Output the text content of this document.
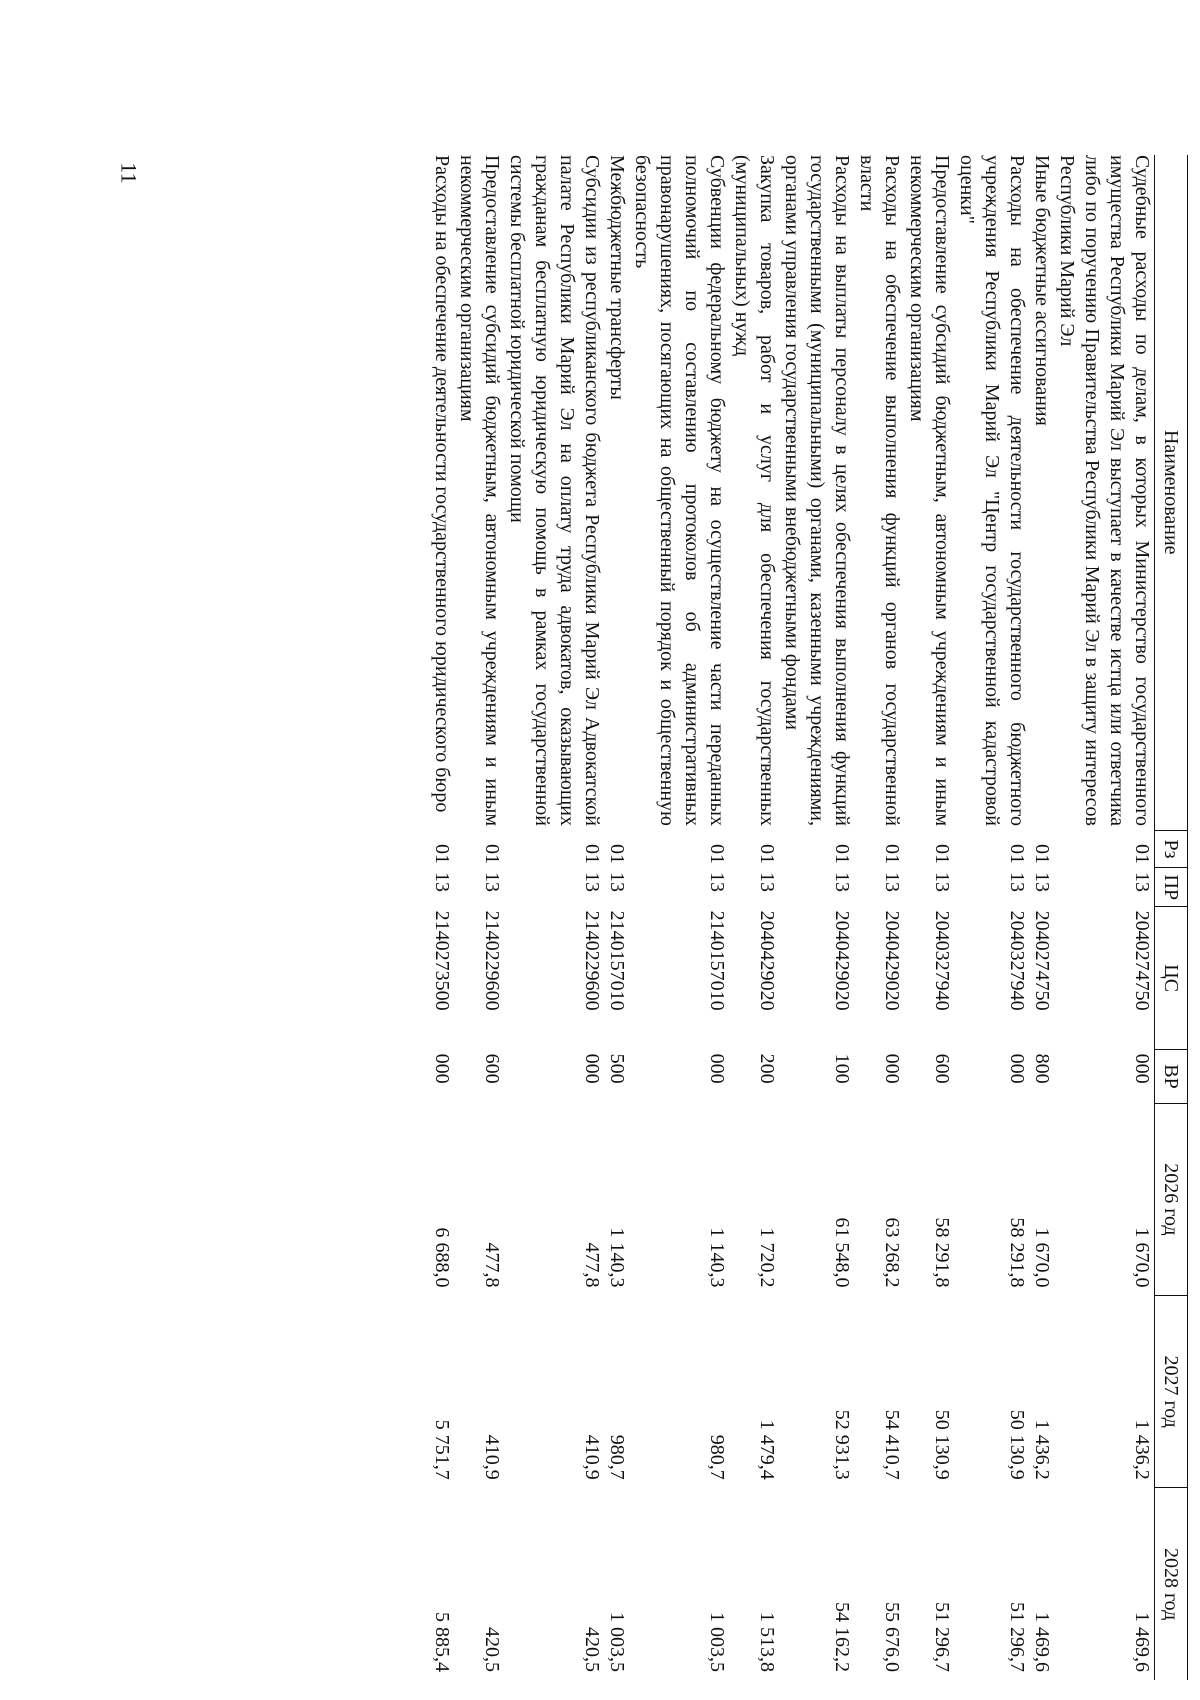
11
Наименование	Рз	ПР	ЦС	ВР	2026 год	2027 год	2028 год
Судебные расходы по делам, в которых Министерство государственного имущества Республики Марий Эл выступает в качестве истца или ответчика либо по поручению Правительства Республики Марий Эл в защиту интересов Республики Марий Эл	01	13	2040274750	000	1 670,0	1 436,2	1 469,6
Иные бюджетные ассигнования	01	13	2040274750	800	1 670,0	1 436,2	1 469,6
Расходы на обеспечение деятельности государственного бюджетного учреждения Республики Марий Эл "Центр государственной кадастровой оценки"	01	13	2040327940	000	58 291,8	50 130,9	51 296,7
Предоставление субсидий бюджетным, автономным учреждениям и иным некоммерческим организациям	01	13	2040327940	600	58 291,8	50 130,9	51 296,7
Расходы на обеспечение выполнения функций органов государственной власти	01	13	2040429020	000	63 268,2	54 410,7	55 676,0
Расходы на выплаты персоналу в целях обеспечения выполнения функций государственными (муниципальными) органами, казенными учреждениями, органами управления государственными внебюджетными фондами	01	13	2040429020	100	61 548,0	52 931,3	54 162,2
Закупка товаров, работ и услуг для обеспечения государственных (муниципальных) нужд	01	13	2040429020	200	1 720,2	1 479,4	1 513,8
Субвенции федеральному бюджету на осуществление части переданных полномочий по составлению протоколов об административных правонарушениях, посягающих на общественный порядок и общественную безопасность	01	13	2140157010	000	1 140,3	980,7	1 003,5
Межбюджетные трансферты	01	13	2140157010	500	1 140,3	980,7	1 003,5
Субсидии из республиканского бюджета Республики Марий Эл Адвокатской палате Республики Марий Эл на оплату труда адвокатов, оказывающих гражданам бесплатную юридическую помощь в рамках государственной системы бесплатной юридической помощи	01	13	2140229600	000	477,8	410,9	420,5
Предоставление субсидий бюджетным, автономным учреждениям и иным некоммерческим организациям	01	13	2140229600	600	477,8	410,9	420,5
Расходы на обеспечение деятельности государственного юридического бюро	01	13	2140273500	000	6 688,0	5 751,7	5 885,4
